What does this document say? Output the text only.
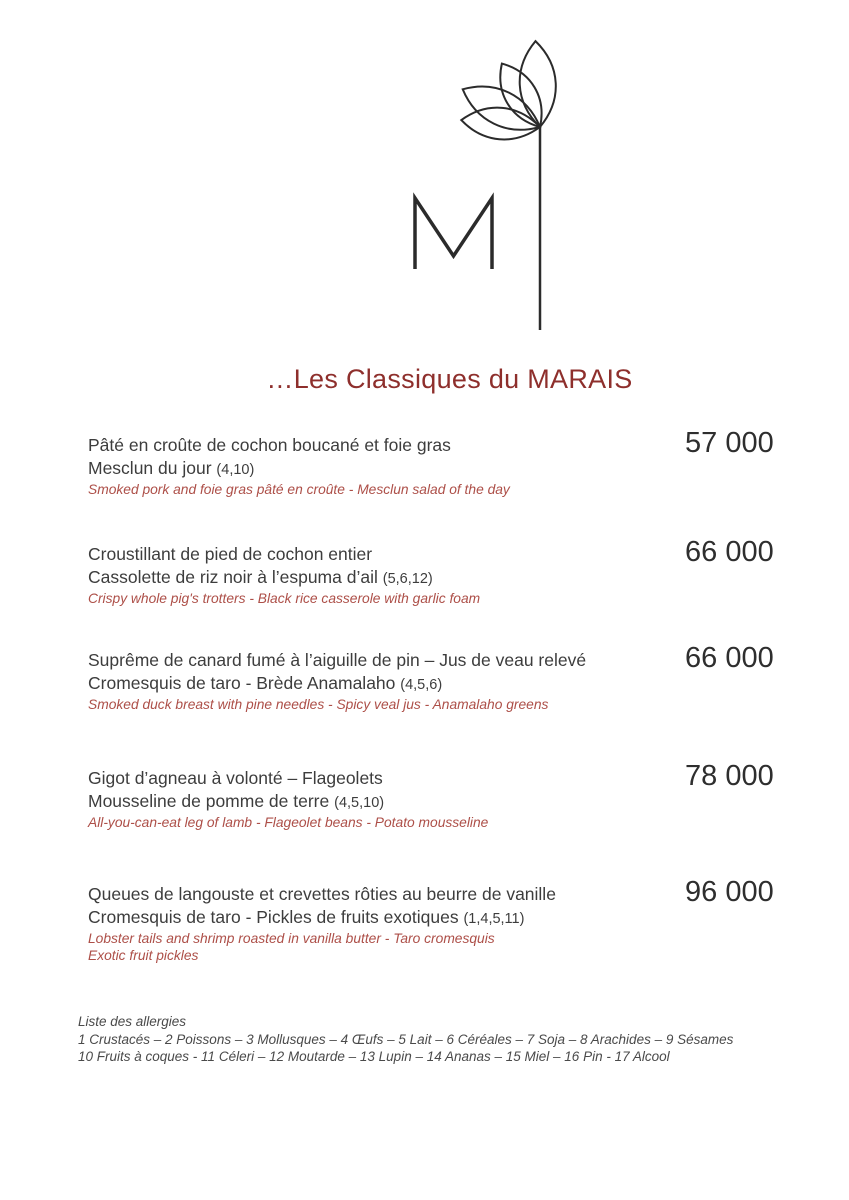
…Les Classiques du MARAIS
57 000
Pâté en croûte de cochon boucané et foie gras
Mesclun du jour (4,10)
Smoked pork and foie gras pâté en croûte - Mesclun salad of the day
66 000
Croustillant de pied de cochon entier
Cassolette de riz noir à l’espuma d’ail (5,6,12)
Crispy whole pig's trotters - Black rice casserole with garlic foam
66 000
Suprême de canard fumé à l’aiguille de pin – Jus de veau relevé
Cromesquis de taro - Brède Anamalaho (4,5,6)
Smoked duck breast with pine needles - Spicy veal jus - Anamalaho greens
78 000
Gigot d’agneau à volonté – Flageolets
Mousseline de pomme de terre (4,5,10)
All-you-can-eat leg of lamb - Flageolet beans - Potato mousseline
96 000
Queues de langouste et crevettes rôties au beurre de vanille
Cromesquis de taro - Pickles de fruits exotiques (1,4,5,11)
Lobster tails and shrimp roasted in vanilla butter - Taro cromesquis
Exotic fruit pickles
Liste des allergies
1 Crustacés – 2 Poissons – 3 Mollusques – 4 Œufs – 5 Lait – 6 Céréales – 7 Soja – 8 Arachides – 9 Sésames
10 Fruits à coques - 11 Céleri – 12 Moutarde – 13 Lupin – 14 Ananas – 15 Miel – 16 Pin - 17 Alcool
